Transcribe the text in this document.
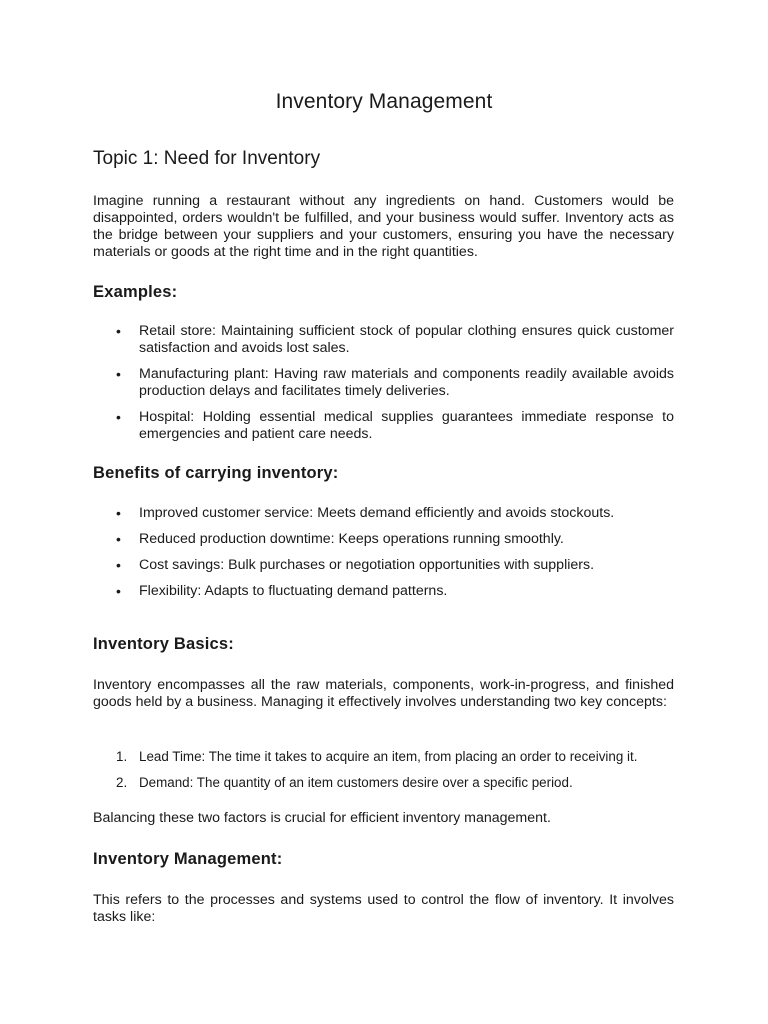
Inventory Management
Topic 1: Need for Inventory

Imagine running a restaurant without any ingredients on hand. Customers would be disappointed, orders wouldn't be fulfilled, and your business would suffer. Inventory acts as the bridge between your suppliers and your customers, ensuring you have the necessary materials or goods at the right time and in the right quantities.

Examples:
• Retail store: Maintaining sufficient stock of popular clothing ensures quick customer satisfaction and avoids lost sales.
• Manufacturing plant: Having raw materials and components readily available avoids production delays and facilitates timely deliveries.
• Hospital: Holding essential medical supplies guarantees immediate response to emergencies and patient care needs.
Benefits of carrying inventory:
• Improved customer service: Meets demand efficiently and avoids stockouts.
• Reduced production downtime: Keeps operations running smoothly.
• Cost savings: Bulk purchases or negotiation opportunities with suppliers.
• Flexibility: Adapts to fluctuating demand patterns.
Inventory Basics:

Inventory encompasses all the raw materials, components, work-in-progress, and finished goods held by a business. Managing it effectively involves understanding two key concepts:

1. Lead Time: The time it takes to acquire an item, from placing an order to receiving it.
2. Demand: The quantity of an item customers desire over a specific period.

Balancing these two factors is crucial for efficient inventory management.

Inventory Management:

This refers to the processes and systems used to control the flow of inventory. It involves tasks like:
